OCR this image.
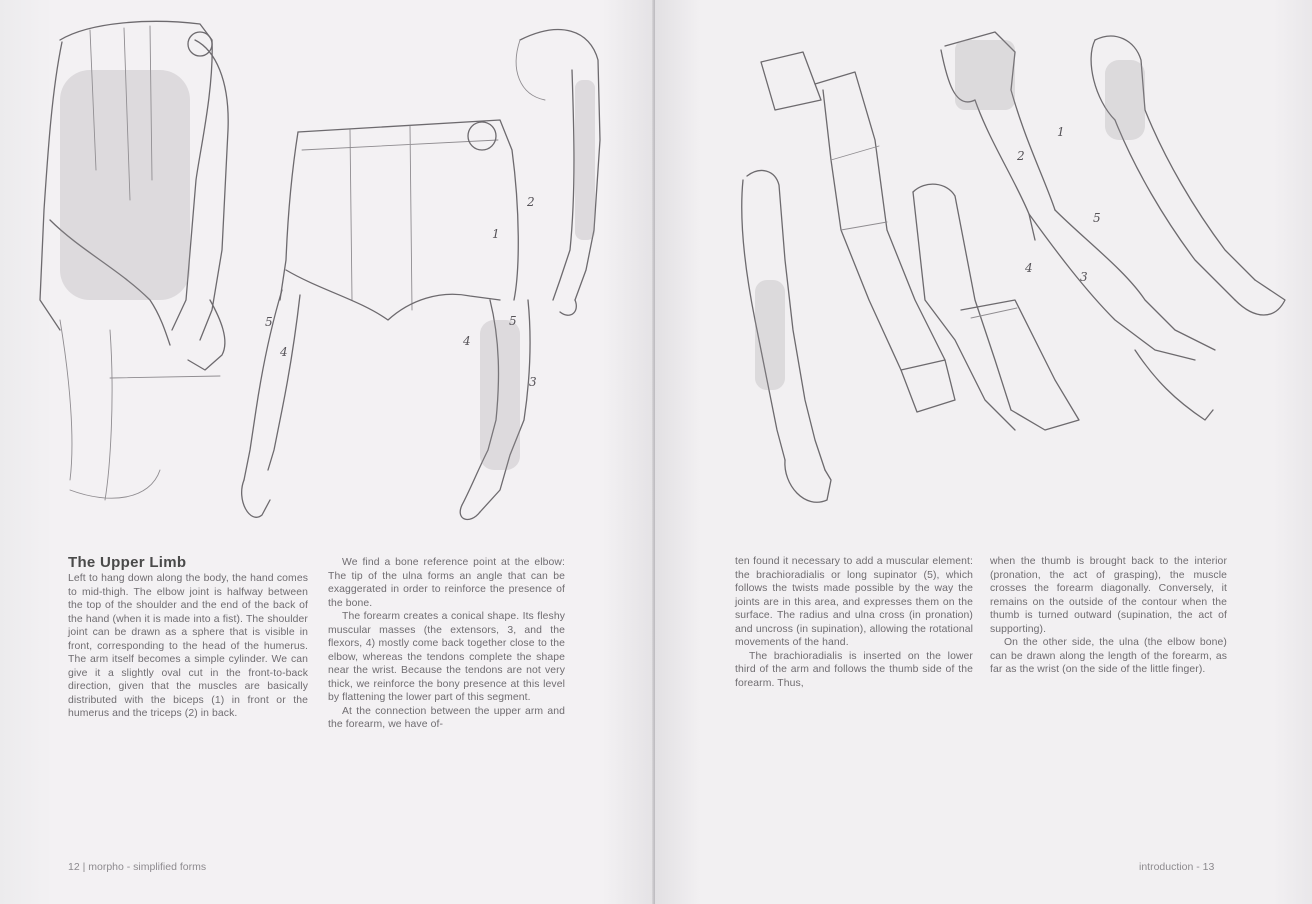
2
1
5
4
4
5
3
The Upper Limb

Left to hang down along the body, the hand comes to mid-thigh. The elbow joint is halfway between the top of the shoulder and the end of the back of the hand (when it is made into a fist). The shoulder joint can be drawn as a sphere that is visible in front, corresponding to the head of the humerus. The arm itself becomes a simple cylinder. We can give it a slightly oval cut in the front-to-back direction, given that the muscles are basically distributed with the biceps (1) in front or the humerus and the triceps (2) in back.

We find a bone reference point at the elbow: The tip of the ulna forms an angle that can be exaggerated in order to reinforce the presence of the bone.

The forearm creates a conical shape. Its fleshy muscular masses (the extensors, 3, and the flexors, 4) mostly come back together close to the elbow, whereas the tendons complete the shape near the wrist. Because the tendons are not very thick, we reinforce the bony presence at this level by flattening the lower part of this segment.

At the connection between the upper arm and the forearm, we have of-

12 | morpho - simplified forms
1
2
5
4
3

ten found it necessary to add a muscular element: the brachioradialis or long supinator (5), which follows the twists made possible by the way the joints are in this area, and expresses them on the surface. The radius and ulna cross (in pronation) and uncross (in supination), allowing the rotational movements of the hand.

The brachioradialis is inserted on the lower third of the arm and follows the thumb side of the forearm. Thus,

when the thumb is brought back to the interior (pronation, the act of grasping), the muscle crosses the forearm diagonally. Conversely, it remains on the outside of the contour when the thumb is turned outward (supination, the act of supporting).

On the other side, the ulna (the elbow bone) can be drawn along the length of the forearm, as far as the wrist (on the side of the little finger).

introduction - 13
